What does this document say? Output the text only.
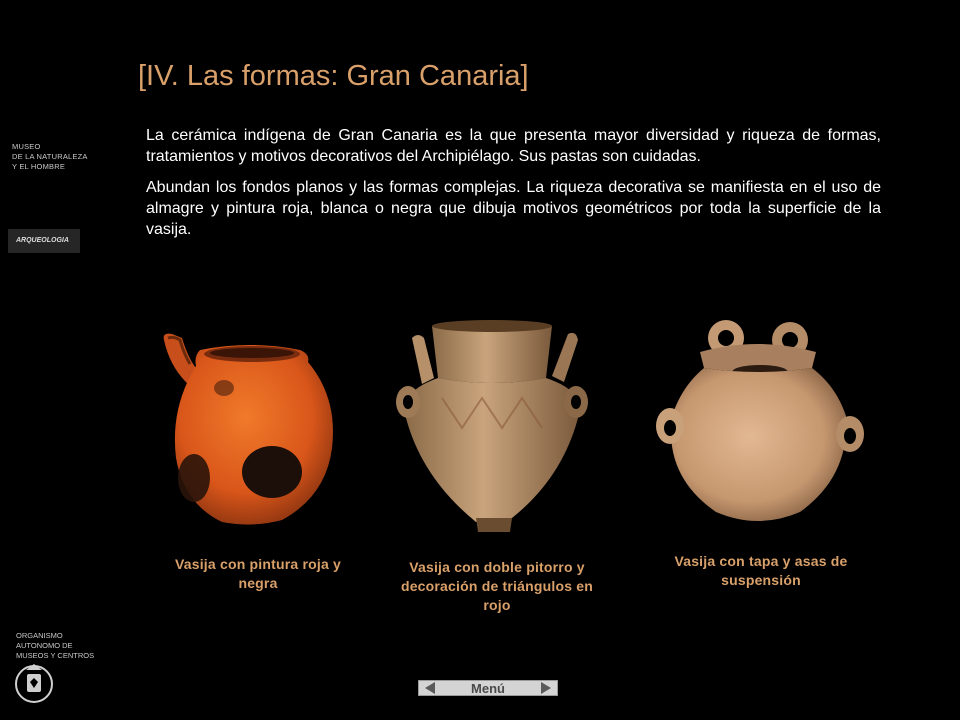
MUSEO
DE LA NATURALEZA
Y EL HOMBRE
ARQUEOLOGIA
[IV. Las formas: Gran Canaria]

La cerámica indígena de Gran Canaria es la que presenta mayor diversidad y riqueza de formas, tratamientos y motivos decorativos del Archipiélago. Sus pastas son cuidadas.

Abundan los fondos planos y las formas complejas. La riqueza decorativa se manifiesta en el uso de almagre y pintura roja, blanca o negra que dibuja motivos geométricos por toda la superficie de la vasija.

Vasija con pintura roja y negra
Vasija con doble pitorro y decoración de triángulos en rojo
Vasija con tapa y asas de suspensión
ORGANISMO
AUTONOMO DE
MUSEOS Y CENTROS
Menú
